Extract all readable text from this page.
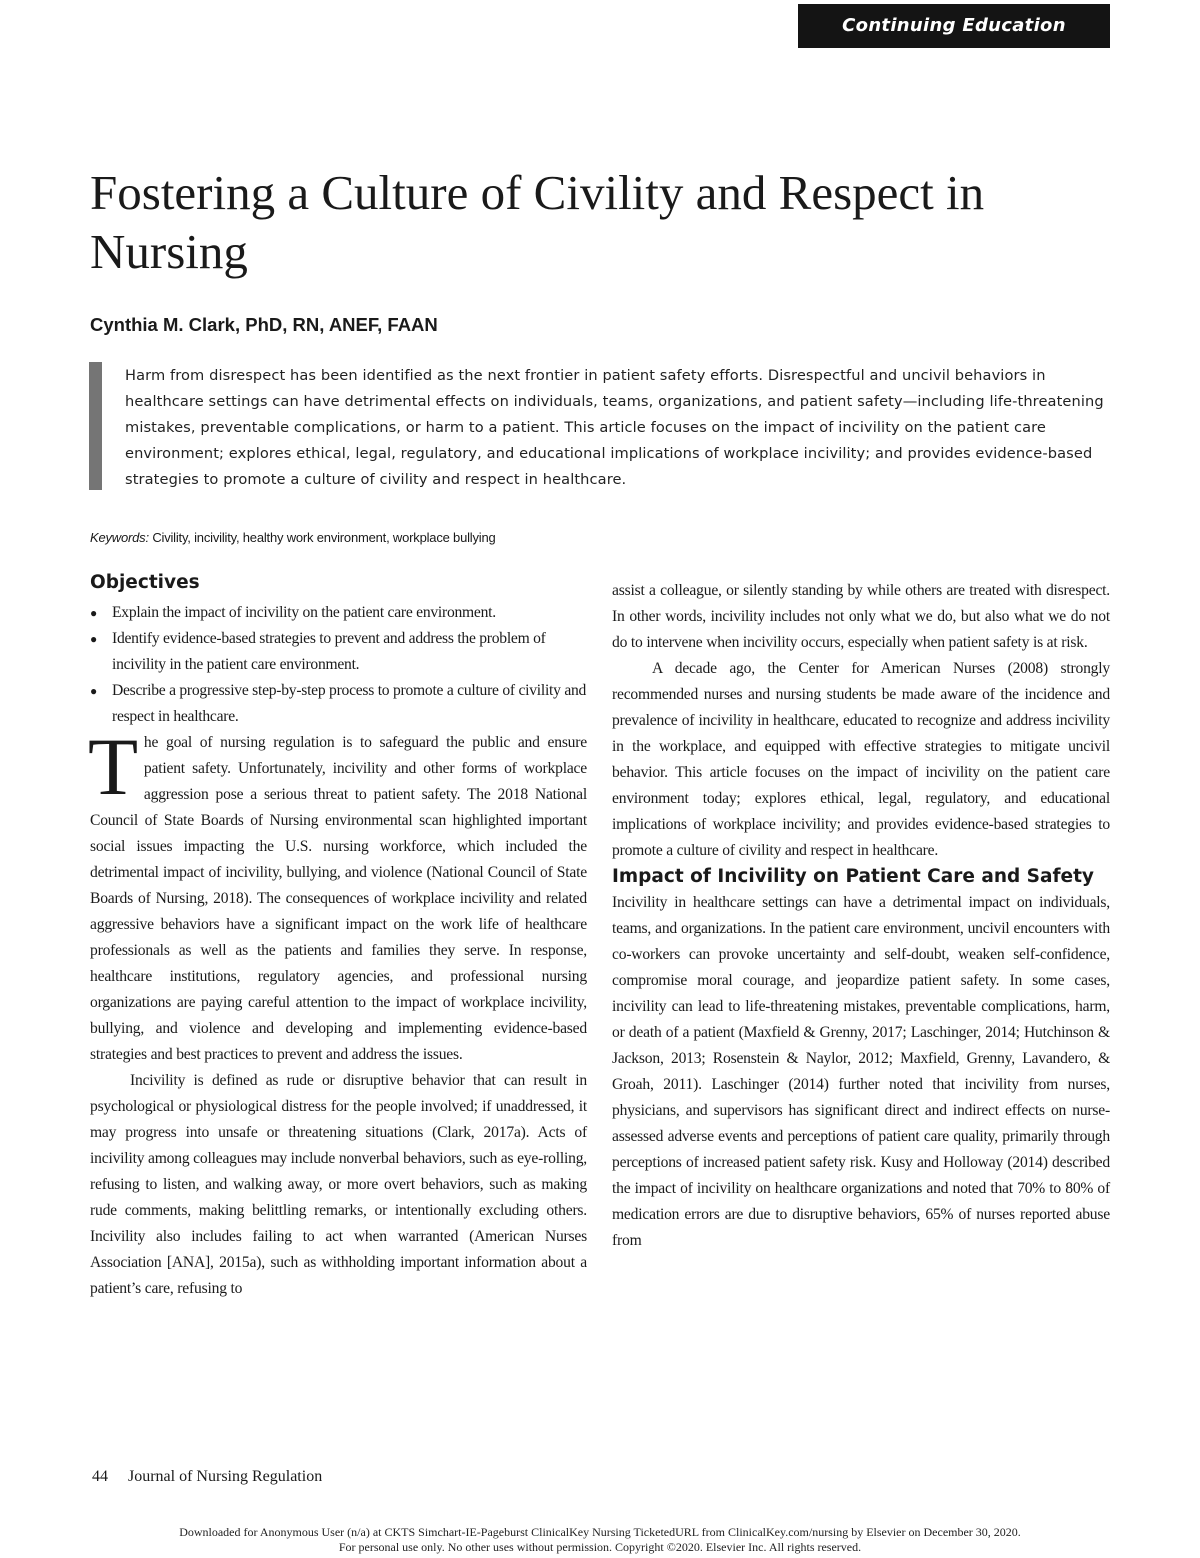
Continuing Education
Fostering a Culture of Civility and Respect in Nursing

Cynthia M. Clark, PhD, RN, ANEF, FAAN

Harm from disrespect has been identified as the next frontier in patient safety efforts. Disrespectful and uncivil behaviors in healthcare settings can have detrimental effects on individuals, teams, organizations, and patient safety—including life-threatening mistakes, preventable complications, or harm to a patient. This article focuses on the impact of incivility on the patient care environment; explores ethical, legal, regulatory, and educational implications of workplace incivility; and provides evidence-based strategies to promote a culture of civility and respect in healthcare.

Keywords: Civility, incivility, healthy work environment, workplace bullying

Objectives
● Explain the impact of incivility on the patient care environment.
● Identify evidence-based strategies to prevent and address the problem of incivility in the patient care environment.
● Describe a progressive step-by-step process to promote a culture of civility and respect in healthcare.

The goal of nursing regulation is to safeguard the public and ensure patient safety. Unfortunately, incivility and other forms of workplace aggression pose a serious threat to patient safety. The 2018 National Council of State Boards of Nursing environmental scan highlighted important social issues impacting the U.S. nursing workforce, which included the detrimental impact of incivility, bullying, and violence (National Council of State Boards of Nursing, 2018). The consequences of workplace incivility and related aggressive behaviors have a significant impact on the work life of healthcare professionals as well as the patients and families they serve. In response, healthcare institutions, regulatory agencies, and professional nursing organizations are paying careful attention to the impact of workplace incivility, bullying, and violence and developing and implementing evidence-based strategies and best practices to prevent and address the issues.

Incivility is defined as rude or disruptive behavior that can result in psychological or physiological distress for the people involved; if unaddressed, it may progress into unsafe or threatening situations (Clark, 2017a). Acts of incivility among colleagues may include nonverbal behaviors, such as eye-rolling, refusing to listen, and walking away, or more overt behaviors, such as making rude comments, making belittling remarks, or intentionally excluding others. Incivility also includes failing to act when warranted (American Nurses Association [ANA], 2015a), such as withholding important information about a patient’s care, refusing to

assist a colleague, or silently standing by while others are treated with disrespect. In other words, incivility includes not only what we do, but also what we do not do to intervene when incivility occurs, especially when patient safety is at risk.

A decade ago, the Center for American Nurses (2008) strongly recommended nurses and nursing students be made aware of the incidence and prevalence of incivility in healthcare, educated to recognize and address incivility in the workplace, and equipped with effective strategies to mitigate uncivil behavior. This article focuses on the impact of incivility on the patient care environment today; explores ethical, legal, regulatory, and educational implications of workplace incivility; and provides evidence-based strategies to promote a culture of civility and respect in healthcare.

Impact of Incivility on Patient Care and Safety

Incivility in healthcare settings can have a detrimental impact on individuals, teams, and organizations. In the patient care environment, uncivil encounters with co-workers can provoke uncertainty and self-doubt, weaken self-confidence, compromise moral courage, and jeopardize patient safety. In some cases, incivility can lead to life-threatening mistakes, preventable complications, harm, or death of a patient (Maxfield & Grenny, 2017; Laschinger, 2014; Hutchinson & Jackson, 2013; Rosenstein & Naylor, 2012; Maxfield, Grenny, Lavandero, & Groah, 2011). Laschinger (2014) further noted that incivility from nurses, physicians, and supervisors has significant direct and indirect effects on nurse-assessed adverse events and perceptions of patient care quality, primarily through perceptions of increased patient safety risk. Kusy and Holloway (2014) described the impact of incivility on healthcare organizations and noted that 70% to 80% of medication errors are due to disruptive behaviors, 65% of nurses reported abuse from

44 Journal of Nursing Regulation

Downloaded for Anonymous User (n/a) at CKTS Simchart-IE-Pageburst ClinicalKey Nursing TicketedURL from ClinicalKey.com/nursing by Elsevier on December 30, 2020.
For personal use only. No other uses without permission. Copyright ©2020. Elsevier Inc. All rights reserved.
